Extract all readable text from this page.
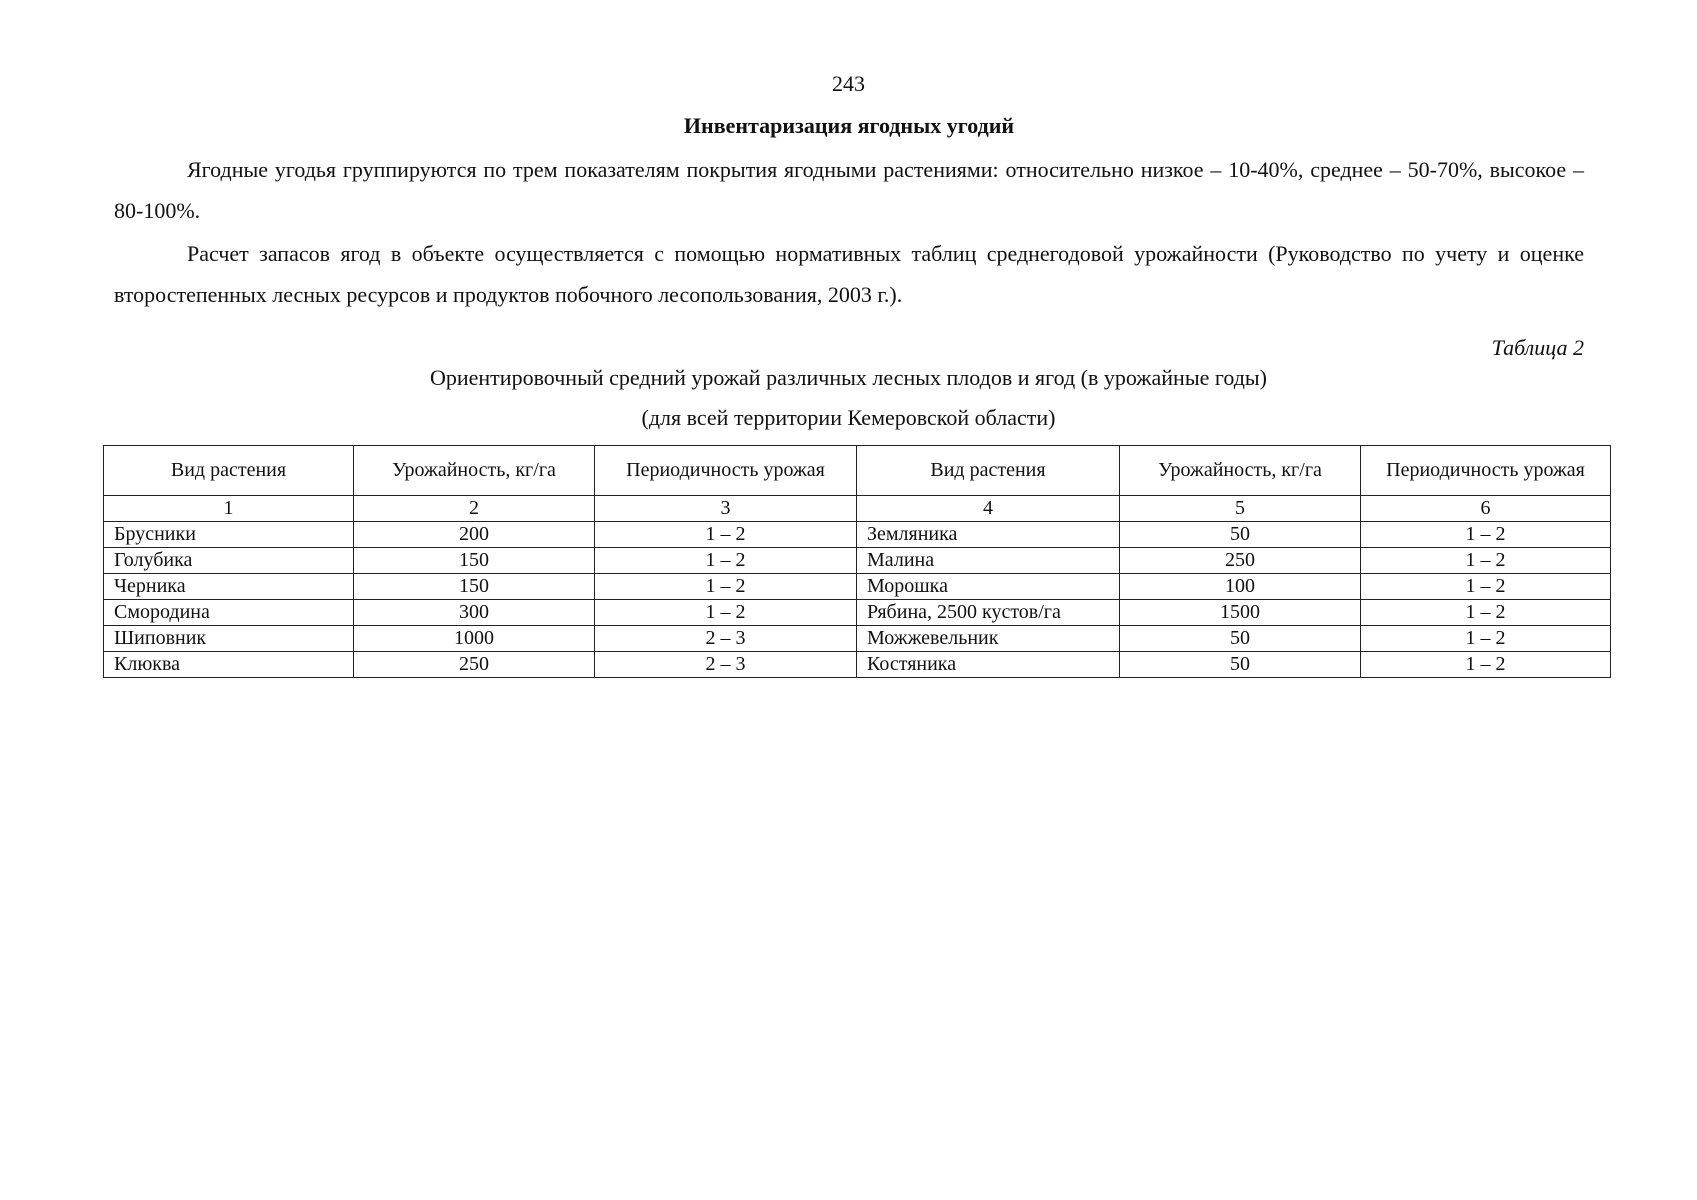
243
Инвентаризация ягодных угодий

Ягодные угодья группируются по трем показателям покрытия ягодными растениями: относительно низкое – 10-40%, среднее – 50-70%, высокое – 80-100%.

Расчет запасов ягод в объекте осуществляется с помощью нормативных таблиц среднегодовой урожайности (Руководство по учету и оценке второстепенных лесных ресурсов и продуктов побочного лесопользования, 2003 г.).

Таблица 2
Ориентировочный средний урожай различных лесных плодов и ягод (в урожайные годы)
(для всей территории Кемеровской области)
Вид растения	Урожайность, кг/га	Периодичность урожая	Вид растения	Урожайность, кг/га	Периодичность урожая
1	2	3	4	5	6
Брусники	200	1 – 2	Земляника	50	1 – 2
Голубика	150	1 – 2	Малина	250	1 – 2
Черника	150	1 – 2	Морошка	100	1 – 2
Смородина	300	1 – 2	Рябина, 2500 кустов/га	1500	1 – 2
Шиповник	1000	2 – 3	Можжевельник	50	1 – 2
Клюква	250	2 – 3	Костяника	50	1 – 2
